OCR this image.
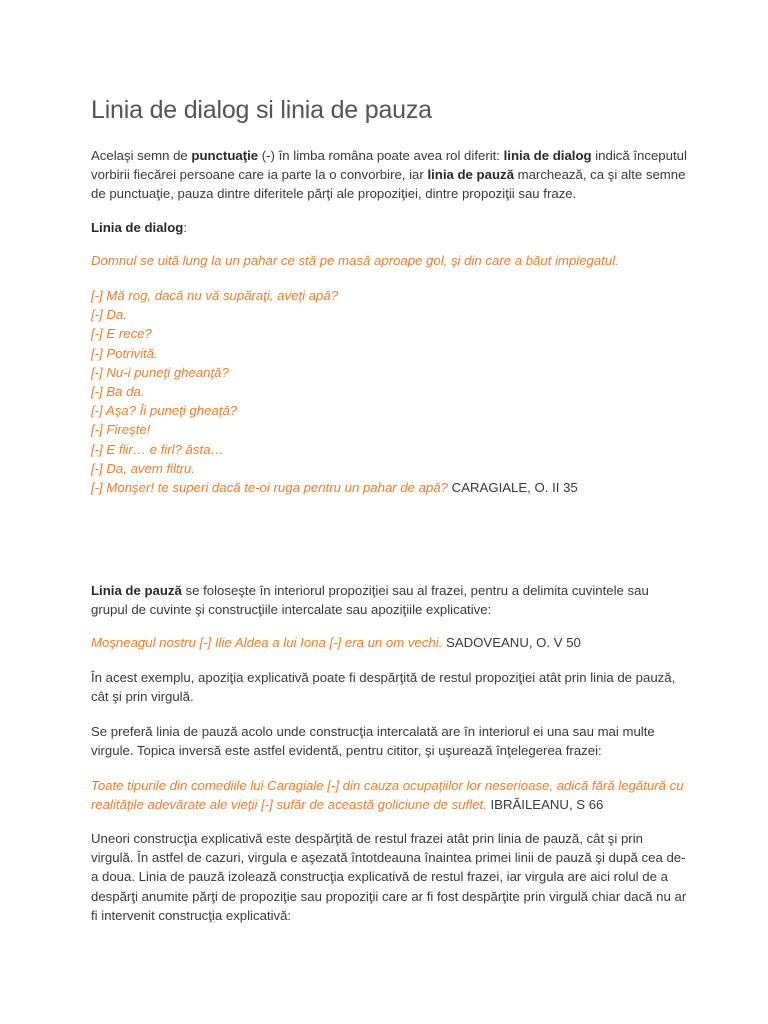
Linia de dialog si linia de pauza

Acelaşi semn de punctuaţie (-) în limba româna poate avea rol diferit: linia de dialog indică începutul vorbirii fiecărei persoane care ia parte la o convorbire, iar linia de pauză marchează, ca şi alte semne de punctuaţie, pauza dintre diferitele părţi ale propoziţiei, dintre propoziţii sau fraze.

Linia de dialog:

Domnul se uită lung la un pahar ce stă pe masă aproape gol, şi din care a băut impiegatul.

[-] Mă rog, dacă nu vă supăraţi, aveţi apă?
[-] Da.
[-] E rece?
[-] Potrivită.
[-] Nu-i puneţi gheanţă?
[-] Ba da.
[-] Aşa? Îi puneţi gheaţă?
[-] Fireşte!
[-] E flir… e firl? ăsta…
[-] Da, avem filtru.
[-] Monşer! te superi dacă te-oi ruga pentru un pahar de apă? CARAGIALE, O. II 35

Linia de pauză se foloseşte în interiorul propoziţiei sau al frazei, pentru a delimita cuvintele sau grupul de cuvinte şi construcţiile intercalate sau apoziţiile explicative:

Moşneagul nostru [-] Ilie Aldea a lui Iona [-] era un om vechi. SADOVEANU, O. V 50

În acest exemplu, apoziţia explicativă poate fi despărţită de restul propoziţiei atât prin linia de pauză, cât şi prin virgulă.

Se preferă linia de pauză acolo unde construcţia intercalată are în interiorul ei una sau mai multe virgule. Topica inversă este astfel evidentă, pentru cititor, şi uşurează înţelegerea frazei:

Toate tipurile din comediile lui Caragiale [-] din cauza ocupaţiilor lor neserioase, adică fără legătură cu realităţile adevărate ale vieţii [-] sufăr de această goliciune de suflet. IBRĂILEANU, S 66

Uneori construcţia explicativă este despărţită de restul frazei atât prin linia de pauză, cât şi prin virgulă. În astfel de cazuri, virgula e aşezată întotdeauna înaintea primei linii de pauză şi după cea de-a doua. Linia de pauză izolează construcţia explicativă de restul frazei, iar virgula are aici rolul de a despărţi anumite părţi de propoziţie sau propoziţii care ar fi fost despărţite prin virgulă chiar dacă nu ar fi intervenit construcţia explicativă:
